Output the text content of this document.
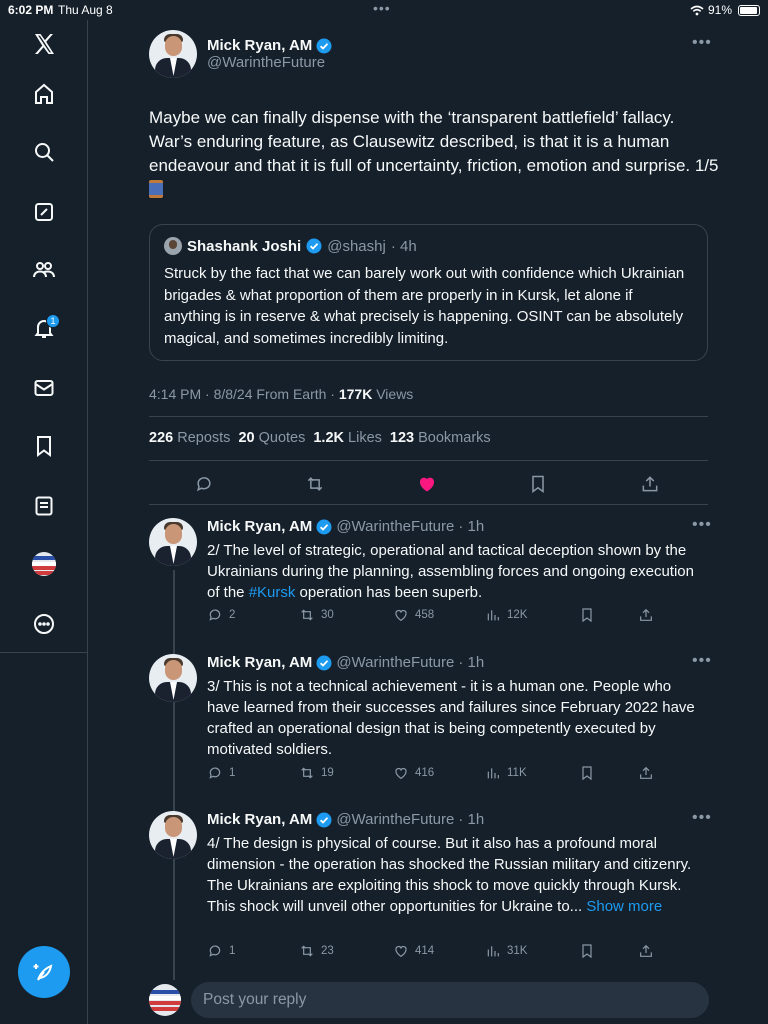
6:02 PM Thu Aug 8	•••	91%
1
Mick Ryan, AM
@WarintheFuture
•••
Maybe we can finally dispense with the ‘transparent battlefield’ fallacy. War’s enduring feature, as Clausewitz described, is that it is a human endeavour and that it is full of uncertainty, friction, emotion and surprise. 1/5
Shashank Joshi @shashj · 4h
Struck by the fact that we can barely work out with confidence which Ukrainian brigades & what proportion of them are properly in in Kursk, let alone if anything is in reserve & what precisely is happening. OSINT can be absolutely magical, and sometimes incredibly limiting.
4:14 PM · 8/8/24 From Earth · 177K Views
226 Reposts 20 Quotes 1.2K Likes 123 Bookmarks
Mick Ryan, AM @WarintheFuture · 1h	•••
2/ The level of strategic, operational and tactical deception shown by the Ukrainians during the planning, assembling forces and ongoing execution of the #Kursk operation has been superb.
2	30	458	12K
Mick Ryan, AM @WarintheFuture · 1h	•••
3/ This is not a technical achievement - it is a human one. People who have learned from their successes and failures since February 2022 have crafted an operational design that is being competently executed by motivated soldiers.
1	19	416	11K
Mick Ryan, AM @WarintheFuture · 1h	•••
4/ The design is physical of course. But it also has a profound moral dimension - the operation has shocked the Russian military and citizenry. The Ukrainians are exploiting this shock to move quickly through Kursk. This shock will unveil other opportunities for Ukraine to... Show more
1	23	414	31K
Post your reply
